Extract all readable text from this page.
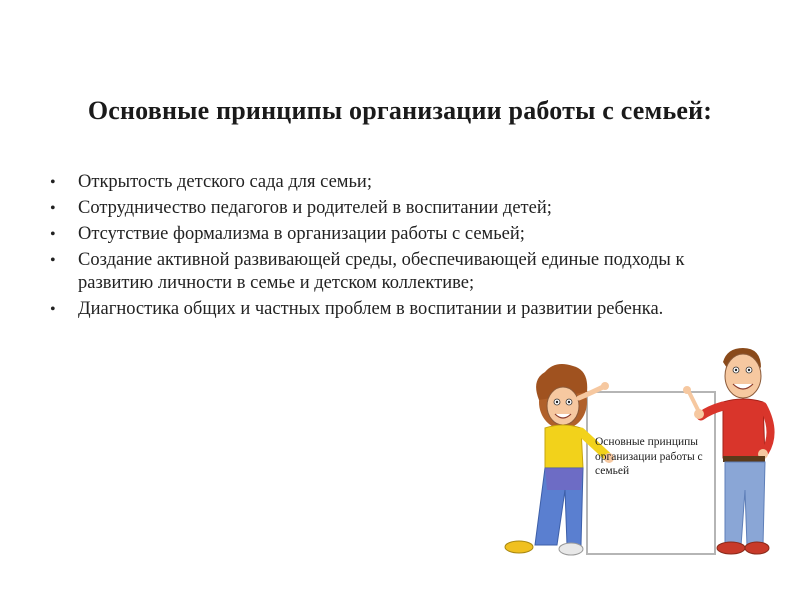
Основные принципы организации работы с семьей:
• Открытость детского сада для семьи;
• Сотрудничество педагогов и родителей в воспитании детей;
• Отсутствие формализма в организации работы с семьей;
• Создание активной развивающей среды, обеспечивающей единые подходы к развитию личности в семье и детском коллективе;
• Диагностика общих и частных проблем в воспитании и развитии ребенка.
Основные принципы организации работы с семьей
